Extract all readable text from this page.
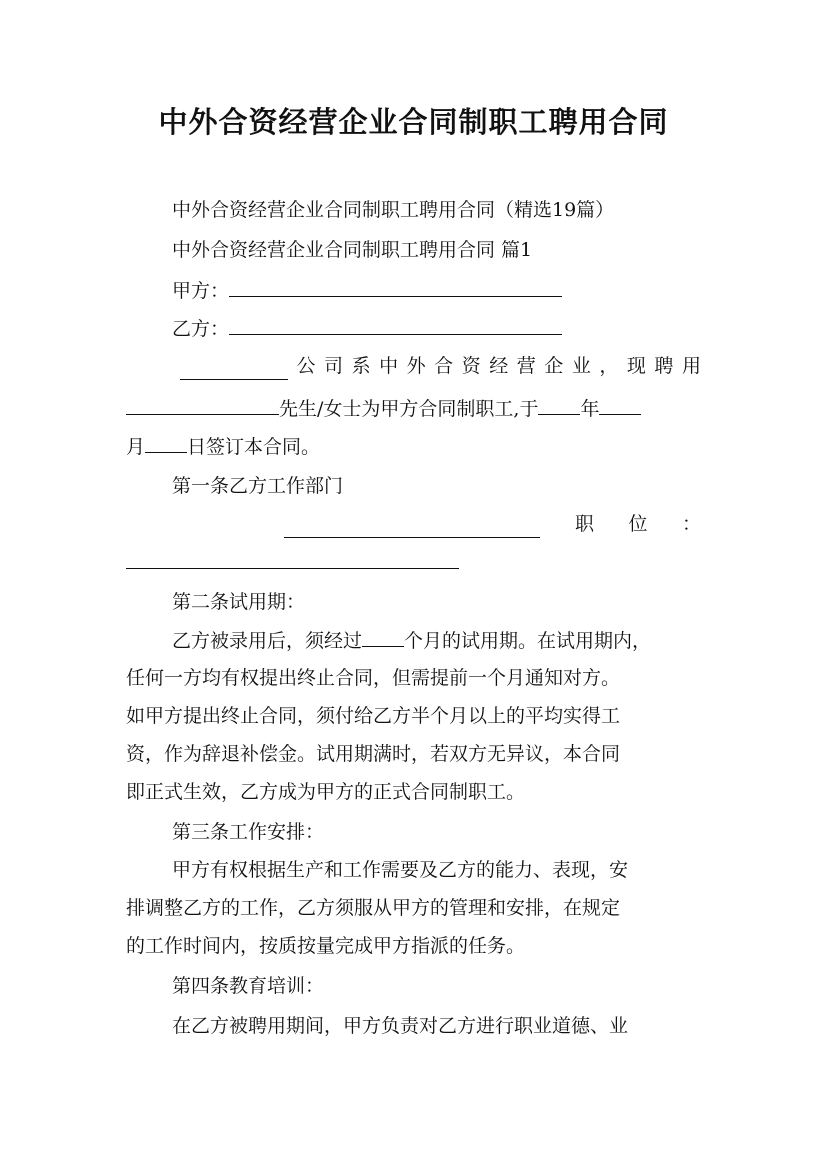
中外合资经营企业合同制职工聘用合同
中外合资经营企业合同制职工聘用合同（精选19篇）
中外合资经营企业合同制职工聘用合同 篇1
甲方：
乙方：
公 司 系 中 外 合 资 经 营 企 业 ， 现 聘 用
先生/女士为甲方合同制职工,于 年
月 日签订本合同。
第一条乙方工作部门
职 位 ：
第二条试用期：
乙方被录用后，须经过 个月的试用期。在试用期内，
任何一方均有权提出终止合同，但需提前一个月通知对方。
如甲方提出终止合同，须付给乙方半个月以上的平均实得工
资，作为辞退补偿金。试用期满时，若双方无异议，本合同
即正式生效，乙方成为甲方的正式合同制职工。
第三条工作安排：
甲方有权根据生产和工作需要及乙方的能力、表现，安
排调整乙方的工作，乙方须服从甲方的管理和安排，在规定
的工作时间内，按质按量完成甲方指派的任务。
第四条教育培训：
在乙方被聘用期间，甲方负责对乙方进行职业道德、业
